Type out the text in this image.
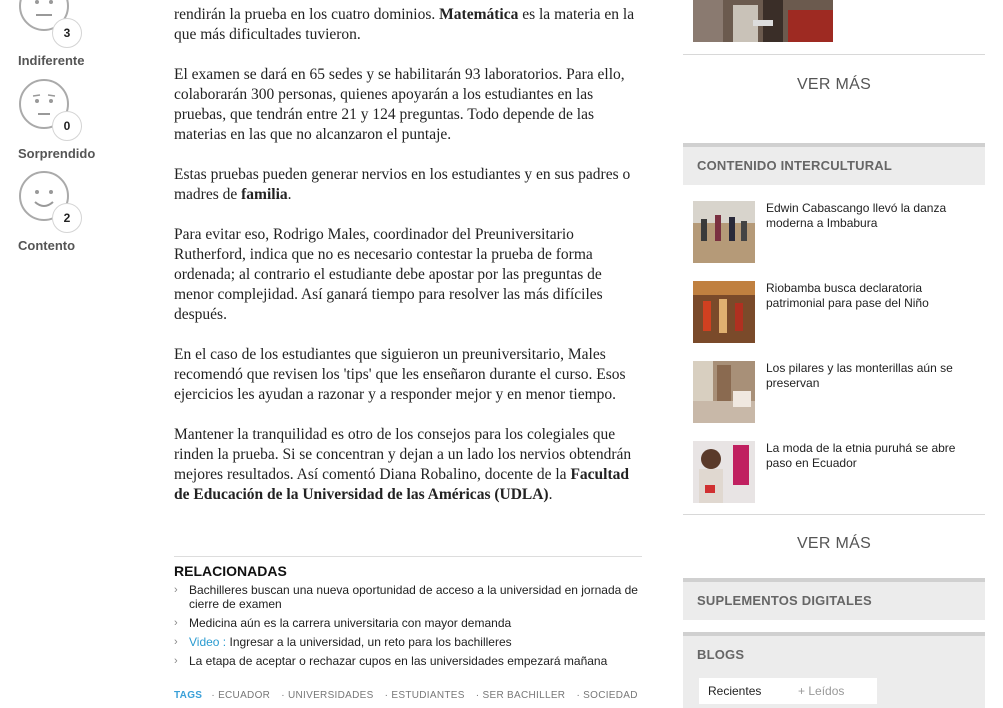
3
Indiferente
0
Sorprendido
2
Contento

rendirán la prueba en los cuatro dominios. Matemática es la materia en la que más dificultades tuvieron.

El examen se dará en 65 sedes y se habilitarán 93 laboratorios. Para ello, colaborarán 300 personas, quienes apoyarán a los estudiantes en las pruebas, que tendrán entre 21 y 124 preguntas. Todo depende de las materias en las que no alcanzaron el puntaje.

Estas pruebas pueden generar nervios en los estudiantes y en sus padres o madres de familia.

Para evitar eso, Rodrigo Males, coordinador del Preuniversitario Rutherford, indica que no es necesario contestar la prueba de forma ordenada; al contrario el estudiante debe apostar por las preguntas de menor complejidad. Así ganará tiempo para resolver las más difíciles después.

En el caso de los estudiantes que siguieron un preuniversitario, Males recomendó que revisen los 'tips' que les enseñaron durante el curso. Esos ejercicios les ayudan a razonar y a responder mejor y en menor tiempo.

Mantener la tranquilidad es otro de los consejos para los colegiales que rinden la prueba. Si se concentran y dejan a un lado los nervios obtendrán mejores resultados. Así comentó Diana Robalino, docente de la Facultad de Educación de la Universidad de las Américas (UDLA).

RELACIONADAS
› Bachilleres buscan una nueva oportunidad de acceso a la universidad en jornada de cierre de examen
› Medicina aún es la carrera universitaria con mayor demanda
› Video : Ingresar a la universidad, un reto para los bachilleres
› La etapa de aceptar o rechazar cupos en las universidades empezará mañana
TAGS · ECUADOR · UNIVERSIDADES · ESTUDIANTES · SER BACHILLER · SOCIEDAD
VER MÁS
CONTENIDO INTERCULTURAL
Edwin Cabascango llevó la danza moderna a Imbabura
Riobamba busca declaratoria patrimonial para pase del Niño
Los pilares y las monterillas aún se preservan
La moda de la etnia puruhá se abre paso en Ecuador
VER MÁS
SUPLEMENTOS DIGITALES
BLOGS
Recientes	+ Leídos
